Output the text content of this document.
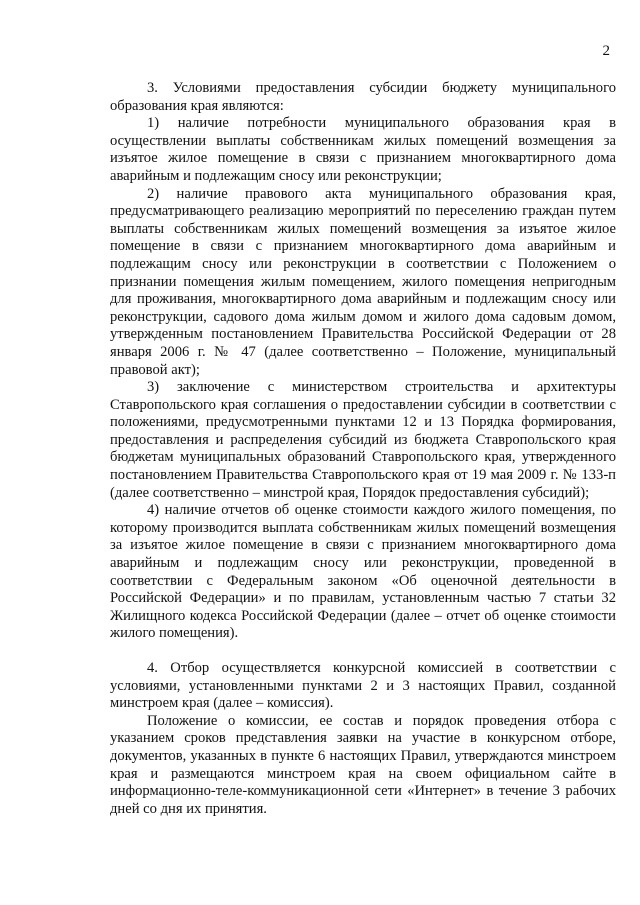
2

3. Условиями предоставления субсидии бюджету муниципального образования края являются:

1) наличие потребности муниципального образования края в осуществлении выплаты собственникам жилых помещений возмещения за изъятое жилое помещение в связи с признанием многоквартирного дома аварийным и подлежащим сносу или реконструкции;

2) наличие правового акта муниципального образования края, предусматривающего реализацию мероприятий по переселению граждан путем выплаты собственникам жилых помещений возмещения за изъятое жилое помещение в связи с признанием многоквартирного дома аварийным и подлежащим сносу или реконструкции в соответствии с Положением о признании помещения жилым помещением, жилого помещения непригодным для проживания, многоквартирного дома аварийным и подлежащим сносу или реконструкции, садового дома жилым домом и жилого дома садовым домом, утвержденным постановлением Правительства Российской Федерации от 28 января 2006 г. № 47 (далее соответственно – Положение, муниципальный правовой акт);

3) заключение с министерством строительства и архитектуры Ставропольского края соглашения о предоставлении субсидии в соответствии с положениями, предусмотренными пунктами 12 и 13 Порядка формирования, предоставления и распределения субсидий из бюджета Ставропольского края бюджетам муниципальных образований Ставропольского края, утвержденного постановлением Правительства Ставропольского края от 19 мая 2009 г. № 133-п (далее соответственно – минстрой края, Порядок предоставления субсидий);

4) наличие отчетов об оценке стоимости каждого жилого помещения, по которому производится выплата собственникам жилых помещений возмещения за изъятое жилое помещение в связи с признанием многоквартирного дома аварийным и подлежащим сносу или реконструкции, проведенной в соответствии с Федеральным законом «Об оценочной деятельности в Российской Федерации» и по правилам, установленным частью 7 статьи 32 Жилищного кодекса Российской Федерации (далее – отчет об оценке стоимости жилого помещения).

4. Отбор осуществляется конкурсной комиссией в соответствии с условиями, установленными пунктами 2 и 3 настоящих Правил, созданной минстроем края (далее – комиссия).

Положение о комиссии, ее состав и порядок проведения отбора с указанием сроков представления заявки на участие в конкурсном отборе, документов, указанных в пункте 6 настоящих Правил, утверждаются минстроем края и размещаются минстроем края на своем официальном сайте в информационно-теле-коммуникационной сети «Интернет» в течение 3 рабочих дней со дня их принятия.
